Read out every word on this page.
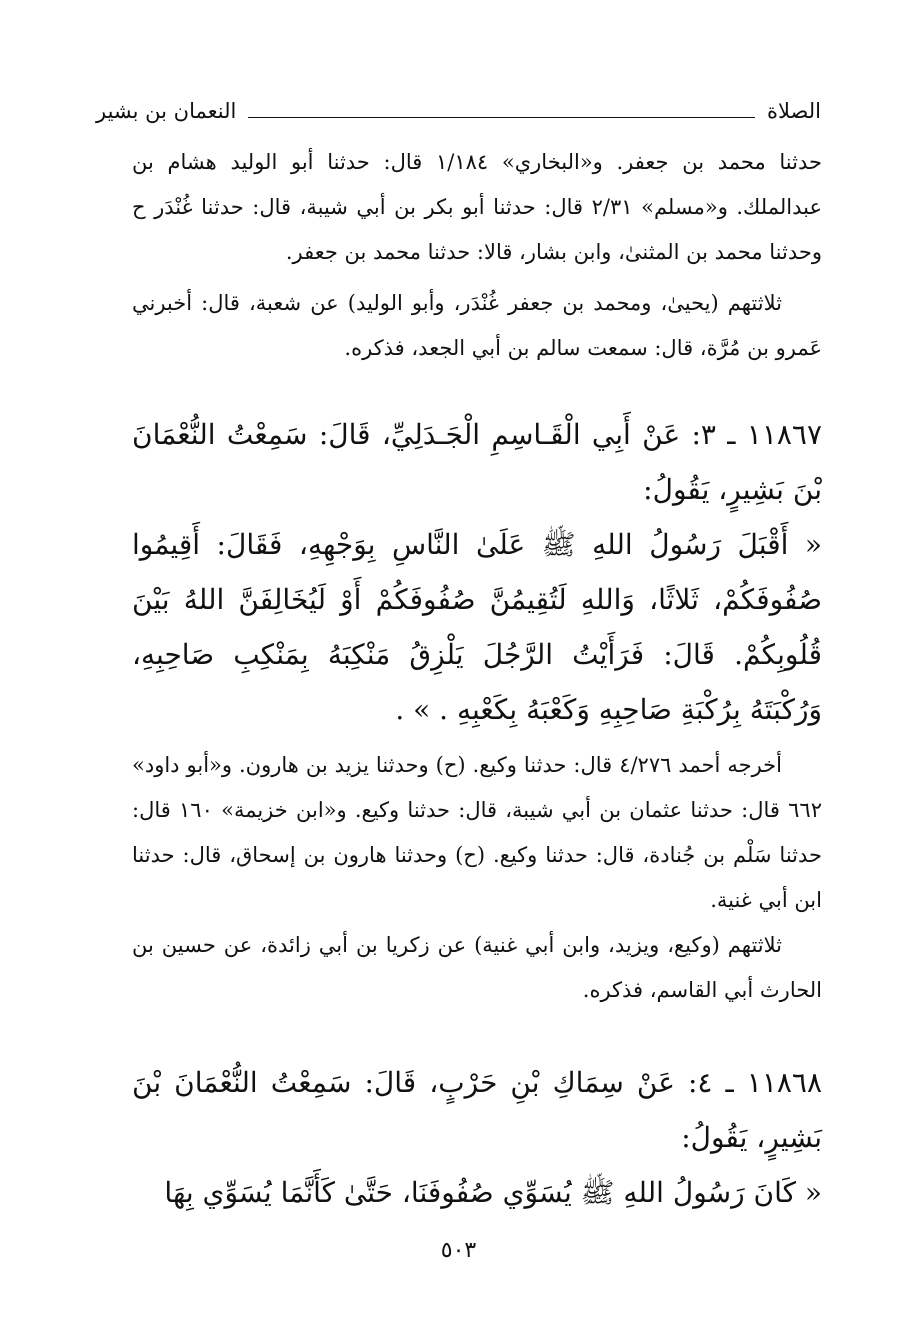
الصلاة
النعمان بن بشير

حدثنا محمد بن جعفر. و«البخاري» ١/١٨٤ قال: حدثنا أبو الوليد هشام بن عبدالملك. و«مسلم» ٢/٣١ قال: حدثنا أبو بكر بن أبي شيبة، قال: حدثنا غُنْدَر ح وحدثنا محمد بن المثنىٰ، وابن بشار، قالا: حدثنا محمد بن جعفر.

ثلاثتهم (يحيىٰ، ومحمد بن جعفر غُنْدَر، وأبو الوليد) عن شعبة، قال: أخبرني عَمرو بن مُرَّة، قال: سمعت سالم بن أبي الجعد، فذكره.

١١٨٦٧ ـ ٣: عَنْ أَبِي الْقَـاسِمِ الْجَـدَلِيِّ، قَالَ: سَمِعْتُ النُّعْمَانَ بْنَ بَشِيرٍ، يَقُولُ:

« أَقْبَلَ رَسُولُ اللهِ ﷺ عَلَىٰ النَّاسِ بِوَجْهِهِ، فَقَالَ: أَقِيمُوا صُفُوفَكُمْ، ثَلاثًا، وَاللهِ لَتُقِيمُنَّ صُفُوفَكُمْ أَوْ لَيُخَالِفَنَّ اللهُ بَيْنَ قُلُوبِكُمْ. قَالَ: فَرَأَيْتُ الرَّجُلَ يَلْزِقُ مَنْكِبَهُ بِمَنْكِبِ صَاحِبِهِ، وَرُكْبَتَهُ بِرُكْبَةِ صَاحِبِهِ وَكَعْبَهُ بِكَعْبِهِ . » .

أخرجه أحمد ٤/٢٧٦ قال: حدثنا وكيع. (ح) وحدثنا يزيد بن هارون. و«أبو داود» ٦٦٢ قال: حدثنا عثمان بن أبي شيبة، قال: حدثنا وكيع. و«ابن خزيمة» ١٦٠ قال: حدثنا سَلْم بن جُنادة، قال: حدثنا وكيع. (ح) وحدثنا هارون بن إسحاق، قال: حدثنا ابن أبي غنية.

ثلاثتهم (وكيع، ويزيد، وابن أبي غنية) عن زكريا بن أبي زائدة، عن حسين بن الحارث أبي القاسم، فذكره.

١١٨٦٨ ـ ٤: عَنْ سِمَاكِ بْنِ حَرْبٍ، قَالَ: سَمِعْتُ النُّعْمَانَ بْنَ بَشِيرٍ، يَقُولُ:

« كَانَ رَسُولُ اللهِ ﷺ يُسَوِّي صُفُوفَنَا، حَتَّىٰ كَأَنَّمَا يُسَوِّي بِهَا

٥٠٣
